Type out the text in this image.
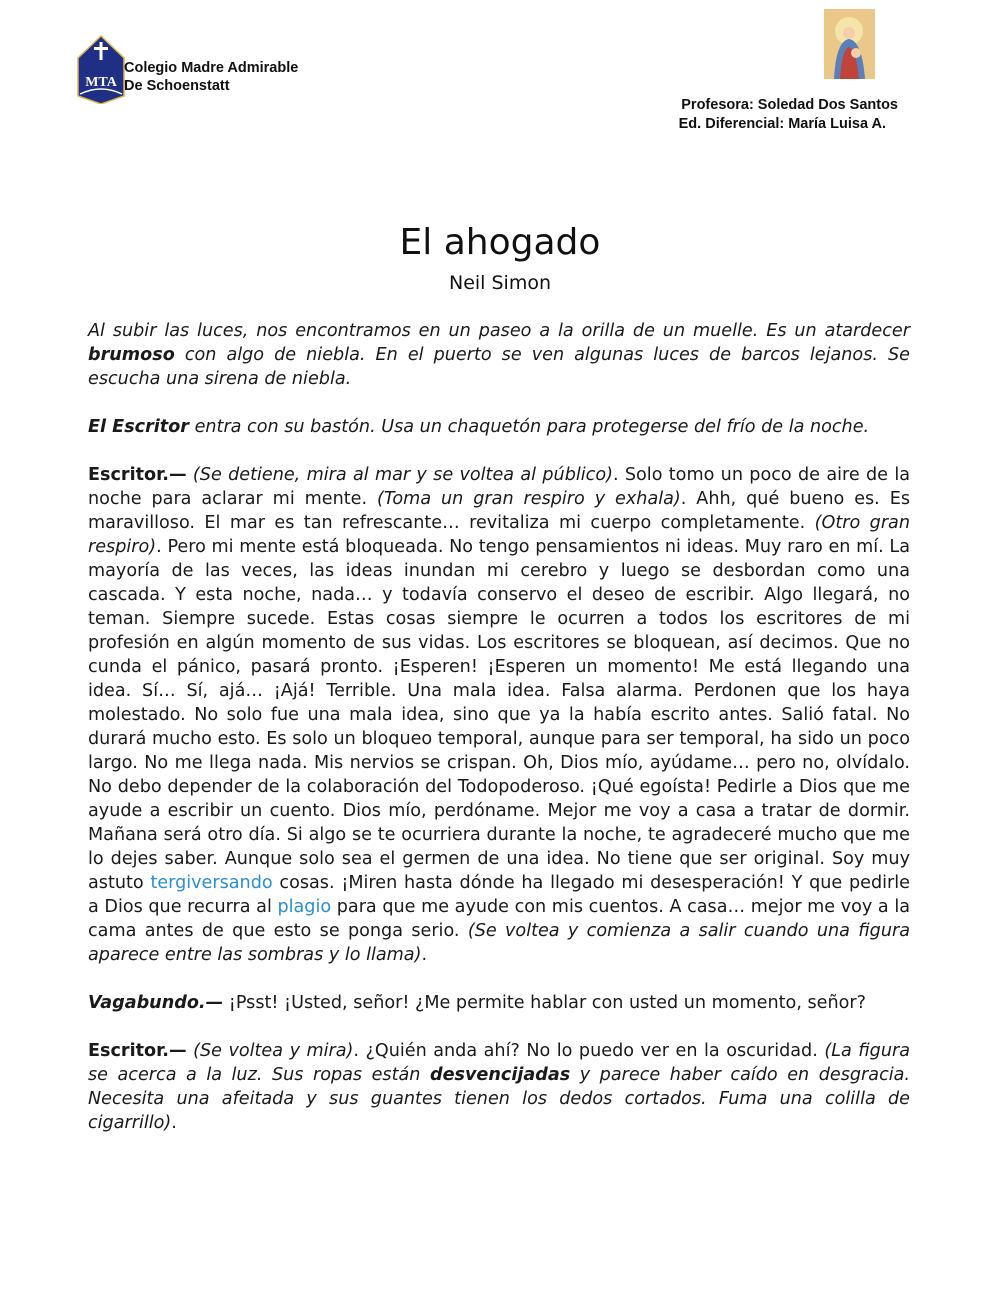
MTA
Colegio Madre Admirable
De Schoenstatt
Profesora: Soledad Dos Santos
Ed. Diferencial: María Luisa A.
El ahogado
Neil Simon

Al subir las luces, nos encontramos en un paseo a la orilla de un muelle. Es un atardecer brumoso con algo de niebla. En el puerto se ven algunas luces de barcos lejanos. Se escucha una sirena de niebla.

El Escritor entra con su bastón. Usa un chaquetón para protegerse del frío de la noche.

Escritor.— (Se detiene, mira al mar y se voltea al público). Solo tomo un poco de aire de la noche para aclarar mi mente. (Toma un gran respiro y exhala). Ahh, qué bueno es. Es maravilloso. El mar es tan refrescante… revitaliza mi cuerpo completamente. (Otro gran respiro). Pero mi mente está bloqueada. No tengo pensamientos ni ideas. Muy raro en mí. La mayoría de las veces, las ideas inundan mi cerebro y luego se desbordan como una cascada. Y esta noche, nada… y todavía conservo el deseo de escribir. Algo llegará, no teman. Siempre sucede. Estas cosas siempre le ocurren a todos los escritores de mi profesión en algún momento de sus vidas. Los escritores se bloquean, así decimos. Que no cunda el pánico, pasará pronto. ¡Esperen! ¡Esperen un momento! Me está llegando una idea. Sí… Sí, ajá… ¡Ajá! Terrible. Una mala idea. Falsa alarma. Perdonen que los haya molestado. No solo fue una mala idea, sino que ya la había escrito antes. Salió fatal. No durará mucho esto. Es solo un bloqueo temporal, aunque para ser temporal, ha sido un poco largo. No me llega nada. Mis nervios se crispan. Oh, Dios mío, ayúdame… pero no, olvídalo. No debo depender de la colaboración del Todopoderoso. ¡Qué egoísta! Pedirle a Dios que me ayude a escribir un cuento. Dios mío, perdóname. Mejor me voy a casa a tratar de dormir. Mañana será otro día. Si algo se te ocurriera durante la noche, te agradeceré mucho que me lo dejes saber. Aunque solo sea el germen de una idea. No tiene que ser original. Soy muy astuto tergiversando cosas. ¡Miren hasta dónde ha llegado mi desesperación! Y que pedirle a Dios que recurra al plagio para que me ayude con mis cuentos. A casa… mejor me voy a la cama antes de que esto se ponga serio. (Se voltea y comienza a salir cuando una figura aparece entre las sombras y lo llama).

Vagabundo.— ¡Psst! ¡Usted, señor! ¿Me permite hablar con usted un momento, señor?

Escritor.— (Se voltea y mira). ¿Quién anda ahí? No lo puedo ver en la oscuridad. (La figura se acerca a la luz. Sus ropas están desvencijadas y parece haber caído en desgracia. Necesita una afeitada y sus guantes tienen los dedos cortados. Fuma una colilla de cigarrillo).
